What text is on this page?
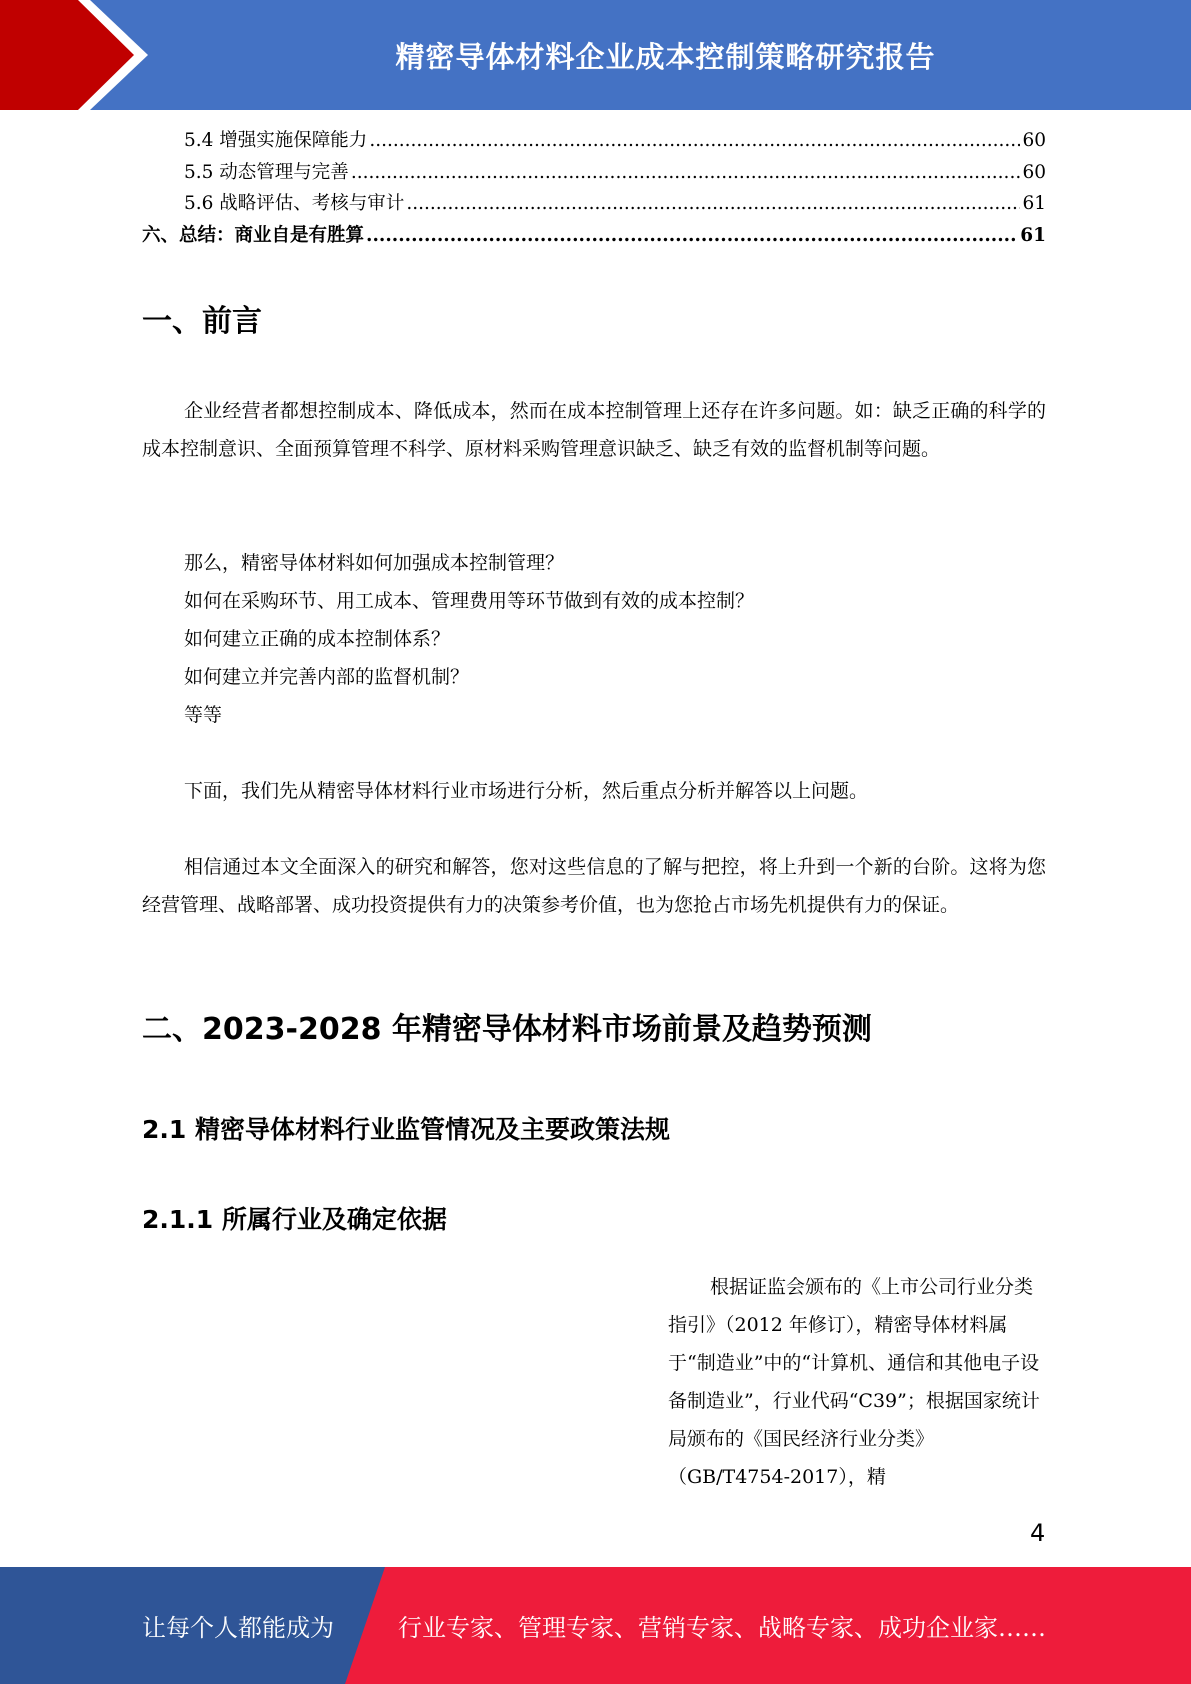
精密导体材料企业成本控制策略研究报告
5.4 增强实施保障能力 .....	60
5.5 动态管理与完善 .....	60
5.6 战略评估、考核与审计 .....	61
六、总结：商业自是有胜算 .....	61
一、前言

企业经营者都想控制成本、降低成本，然而在成本控制管理上还存在许多问题。如：缺乏正确的科学的成本控制意识、全面预算管理不科学、原材料采购管理意识缺乏、缺乏有效的监督机制等问题。

那么，精密导体材料如何加强成本控制管理？
如何在采购环节、用工成本、管理费用等环节做到有效的成本控制？
如何建立正确的成本控制体系？
如何建立并完善内部的监督机制？
等等

下面，我们先从精密导体材料行业市场进行分析，然后重点分析并解答以上问题。

相信通过本文全面深入的研究和解答，您对这些信息的了解与把控，将上升到一个新的台阶。这将为您经营管理、战略部署、成功投资提供有力的决策参考价值，也为您抢占市场先机提供有力的保证。

二、2023-2028 年精密导体材料市场前景及趋势预测
2.1 精密导体材料行业监管情况及主要政策法规
2.1.1 所属行业及确定依据

根据证监会颁布的《上市公司行业分类指引》（2012 年修订），精密导体材料属于“制造业”中的“计算机、通信和其他电子设备制造业”，行业代码“C39”；根据国家统计局颁布的《国民经济行业分类》（GB/T4754-2017），精

4
让每个人都能成为	行业专家、管理专家、营销专家、战略专家、成功企业家……
